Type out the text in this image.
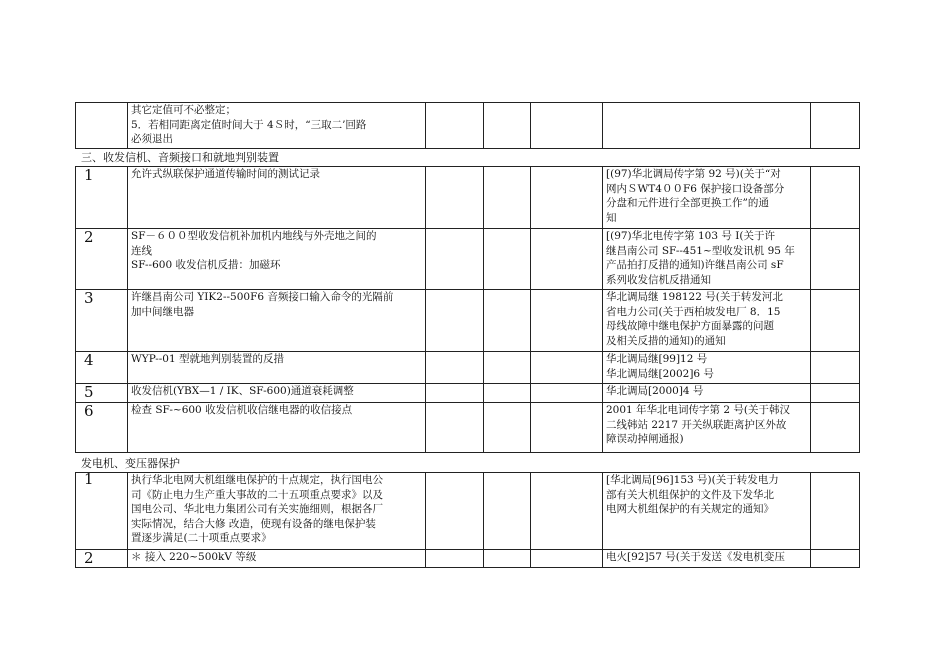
其它定值可不必整定；
5．若相同距离定值时间大于 4Ｓ时，“三取二’回路
必须退出

三、收发信机、音频接口和就地判别装置
1	允许式纵联保护通道传输时间的测试记录				[(97)华北调局传字第 92 号)(关于“对
网内ＳWT4００F6 保护接口设备部分
分盘和元件进行全部更换工作”的通
知	

2	SF－６００型收发信机补加机内地线与外壳地之间的
连线
SF--600 收发信机反措：加磁环				[(97)华北电传字第 103 号 I(关于许
继昌南公司 SF--451~型收发讯机 95 年
产品拍打反措的通知)许继昌南公司 sF
系列收发信机反措通知	

3	许继昌南公司 YIK2--500F6 音频接口输入命令的光隔前
加中间继电器				华北调局继 198122 号(关于转发河北
省电力公司(关于西柏坡发电厂 8．15
母线故障中继电保护方面暴露的问题
及相关反措的通知)的通知	

4	WYP--01 型就地判别装置的反措				华北调局继[99]12 号
华北调局继[2002]6 号	

5	收发信机(YBX—1 / IK、SF-600)通道衰耗调整				华北调局[2000]4 号	

6	检查 SF-~600 收发信机收信继电器的收信接点				2001 年华北电词传字第 2 号(关于韩汉
二线韩站 2217 开关纵联距离护区外故
障误动掉闸通报)	

发电机、变压器保护
1	执行华北电网大机组继电保护的十点规定，执行国电公
司《防止电力生产重大事故的二十五项重点要求》以及
国电公司、华北电力集团公司有关实施细则，根据各厂
实际情况，结合大修 改造，使现有设备的继电保护装
置逐步满足(二十项重点要求》				[华北调局[96]153 号)(关于转发电力
部有关大机组保护的文件及下发华北
电网大机组保护的有关规定的通知》	

2	＊ 接入 220~500kV 等级				电火[92]57 号(关于发送《发电机变压	
